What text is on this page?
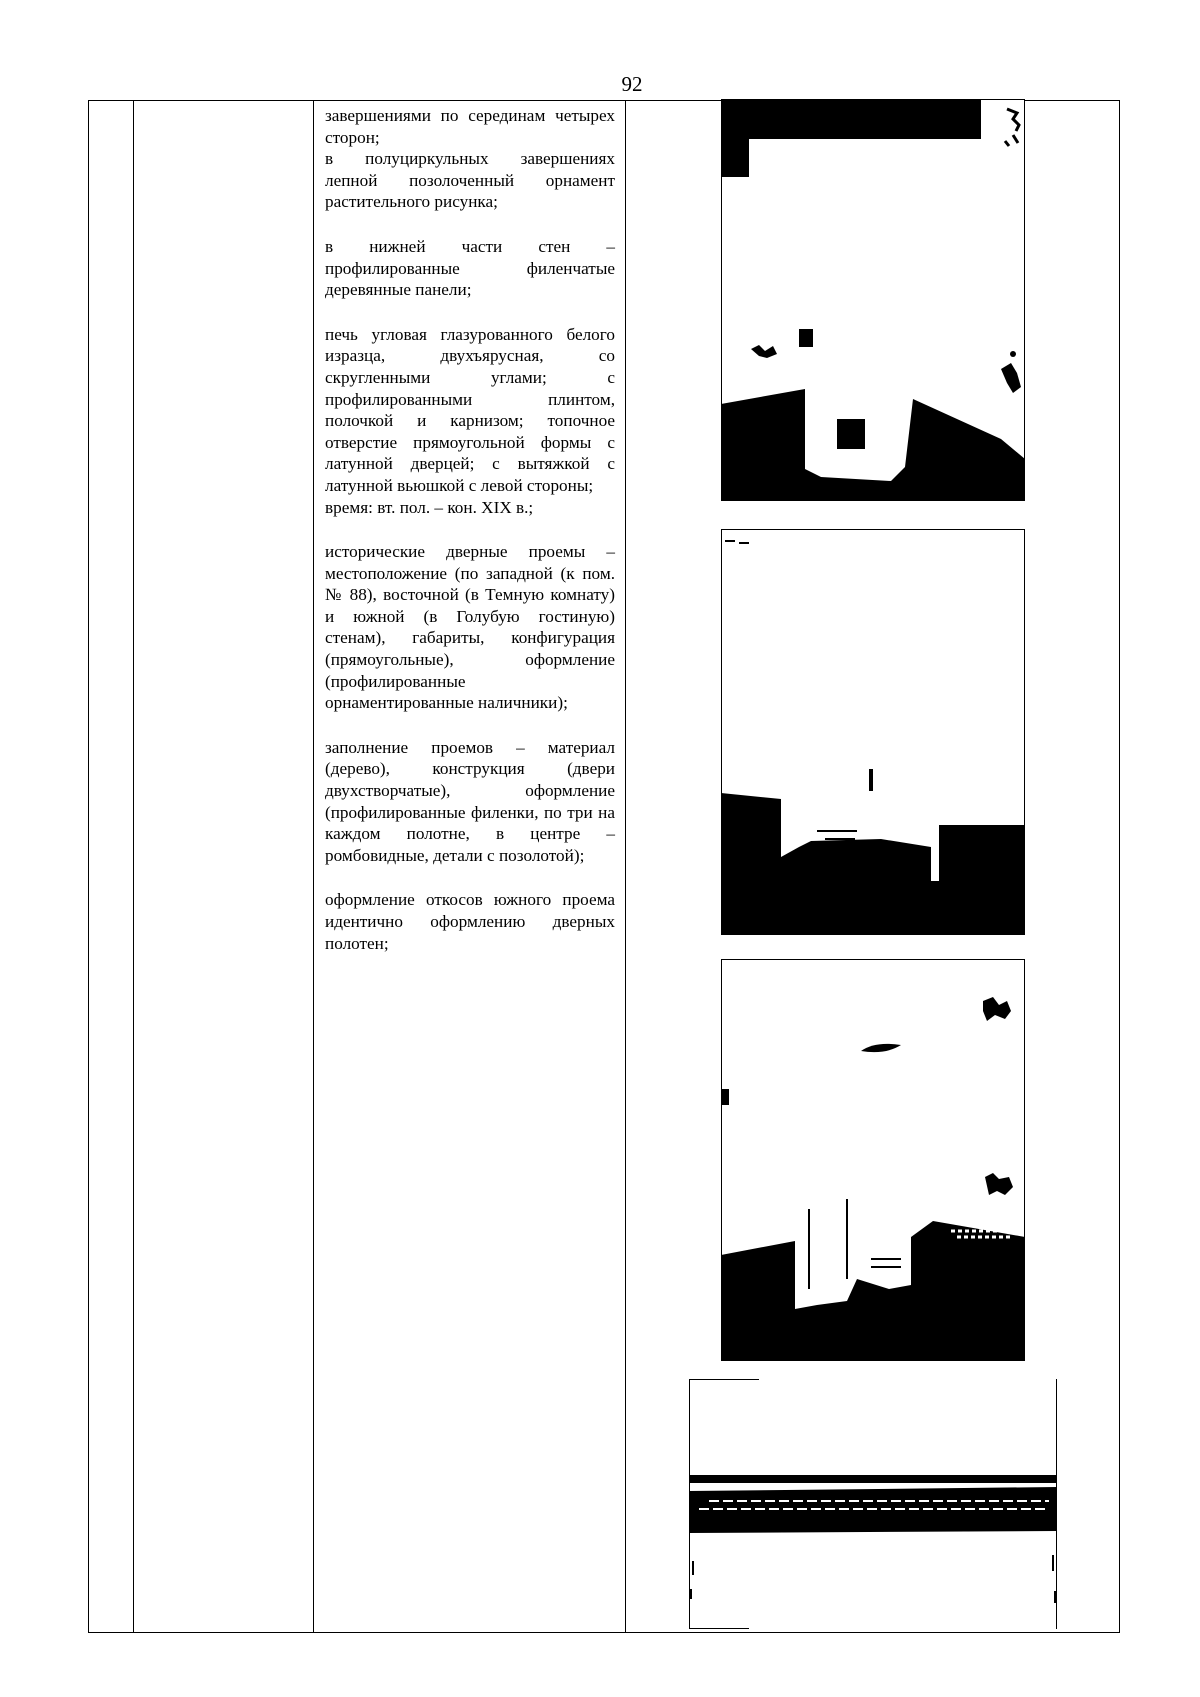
92

завершениями по серединам четырех сторон;
в полуциркульных завершениях лепной позолоченный орнамент растительного рисунка;

в нижней части стен – профилированные филенчатые деревянные панели;

печь угловая глазурованного белого изразца, двухъярусная, со скругленными углами; с профилированными плинтом, полочкой и карнизом; топочное отверстие прямоугольной формы с латунной дверцей; с вытяжкой с латунной вьюшкой с левой стороны;

время: вт. пол. – кон. XIX в.;

исторические дверные проемы – местоположение (по западной (к пом. № 88), восточной (в Темную комнату) и южной (в Голубую гостиную) стенам), габариты, конфигурация (прямоугольные), оформление (профилированные орнаментированные наличники);

заполнение проемов – материал (дерево), конструкция (двери двухстворчатые), оформление (профилированные филенки, по три на каждом полотне, в центре – ромбовидные, детали с позолотой);

оформление откосов южного проема идентично оформлению дверных полотен;
